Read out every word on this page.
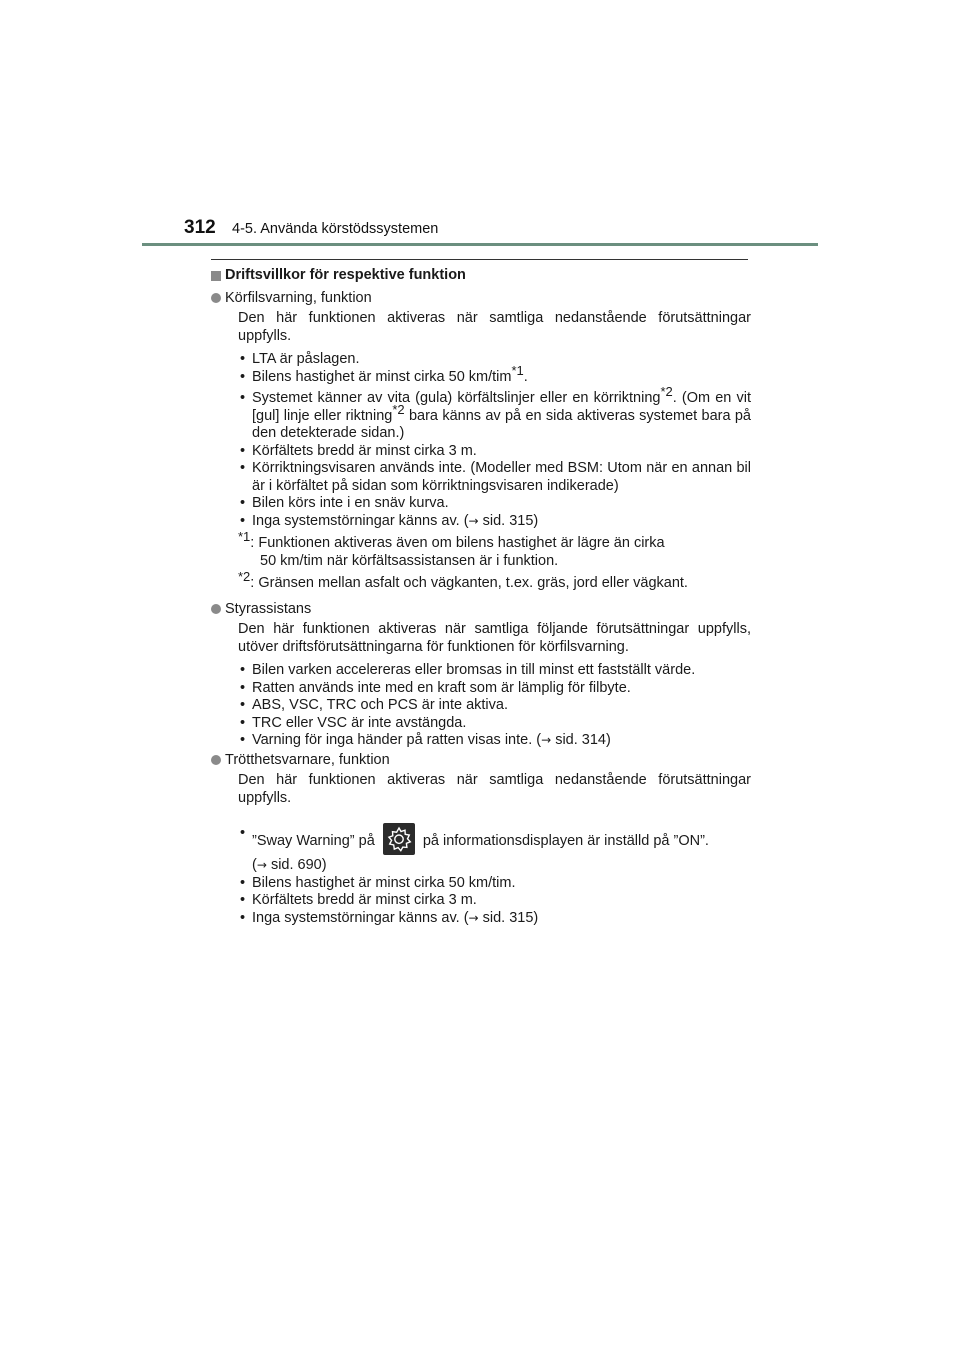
312 4-5. Använda körstödssystemen
Driftsvillkor för respektive funktion
Körfilsvarning, funktion
Den här funktionen aktiveras när samtliga nedanstående förutsättningar uppfylls.
• LTA är påslagen.
• Bilens hastighet är minst cirka 50 km/tim$^{*1}$.
• Systemet känner av vita (gula) körfältslinjer eller en körriktning$^{*2}$. (Om en vit [gul] linje eller riktning$^{*2}$ bara känns av på en sida aktiveras systemet bara på den detekterade sidan.)
• Körfältets bredd är minst cirka 3 m.
• Körriktningsvisaren används inte. (Modeller med BSM: Utom när en annan bil är i körfältet på sidan som körriktningsvisaren indikerade)
• Bilen körs inte i en snäv kurva.
• Inga systemstörningar känns av. (→ sid. 315)
$^{*1}$: Funktionen aktiveras även om bilens hastighet är lägre än cirka
50 km/tim när körfältsassistansen är i funktion.
$^{*2}$: Gränsen mellan asfalt och vägkanten, t.ex. gräs, jord eller vägkant.
Styrassistans
Den här funktionen aktiveras när samtliga följande förutsättningar uppfylls, utöver driftsförutsättningarna för funktionen för körfilsvarning.
• Bilen varken accelereras eller bromsas in till minst ett fastställt värde.
• Ratten används inte med en kraft som är lämplig för filbyte.
• ABS, VSC, TRC och PCS är inte aktiva.
• TRC eller VSC är inte avstängda.
• Varning för inga händer på ratten visas inte. (→ sid. 314)
Trötthetsvarnare, funktion
Den här funktionen aktiveras när samtliga nedanstående förutsättningar uppfylls.
• ”Sway Warning” på	på informationsdisplayen är inställd på ”ON”.
(→ sid. 690)
• Bilens hastighet är minst cirka 50 km/tim.
• Körfältets bredd är minst cirka 3 m.
• Inga systemstörningar känns av. (→ sid. 315)
